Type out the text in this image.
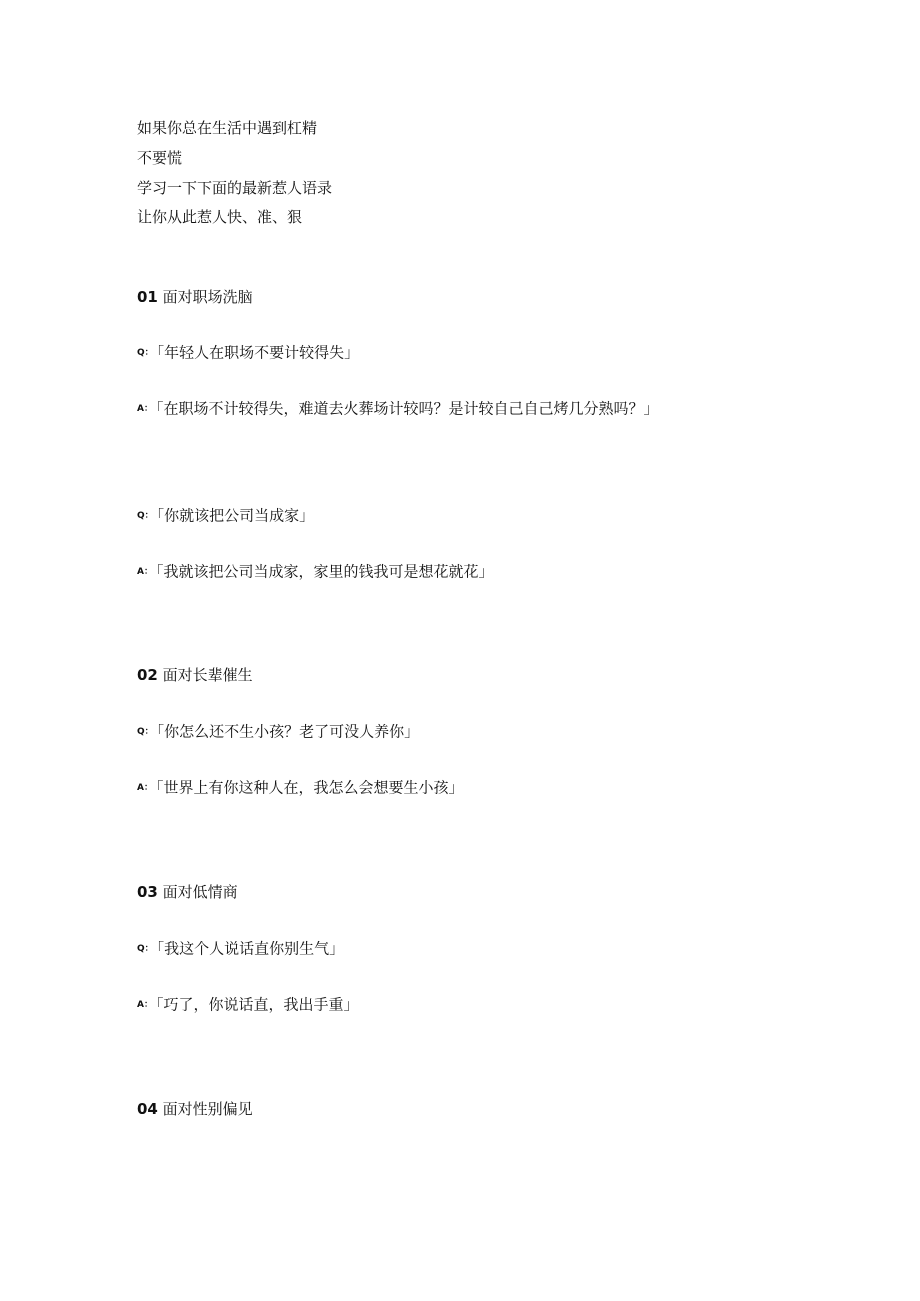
如果你总在生活中遇到杠精
不要慌
学习一下下面的最新惹人语录
让你从此惹人快、准、狠
01 面对职场洗脑
Q： 「年轻人在职场不要计较得失」
A： 「在职场不计较得失，难道去火葬场计较吗？是计较自己自己烤几分熟吗？」
Q： 「你就该把公司当成家」
A： 「我就该把公司当成家，家里的钱我可是想花就花」
02 面对长辈催生
Q： 「你怎么还不生小孩？老了可没人养你」
A： 「世界上有你这种人在，我怎么会想要生小孩」
03 面对低情商
Q： 「我这个人说话直你别生气」
A： 「巧了，你说话直，我出手重」
04 面对性别偏见
